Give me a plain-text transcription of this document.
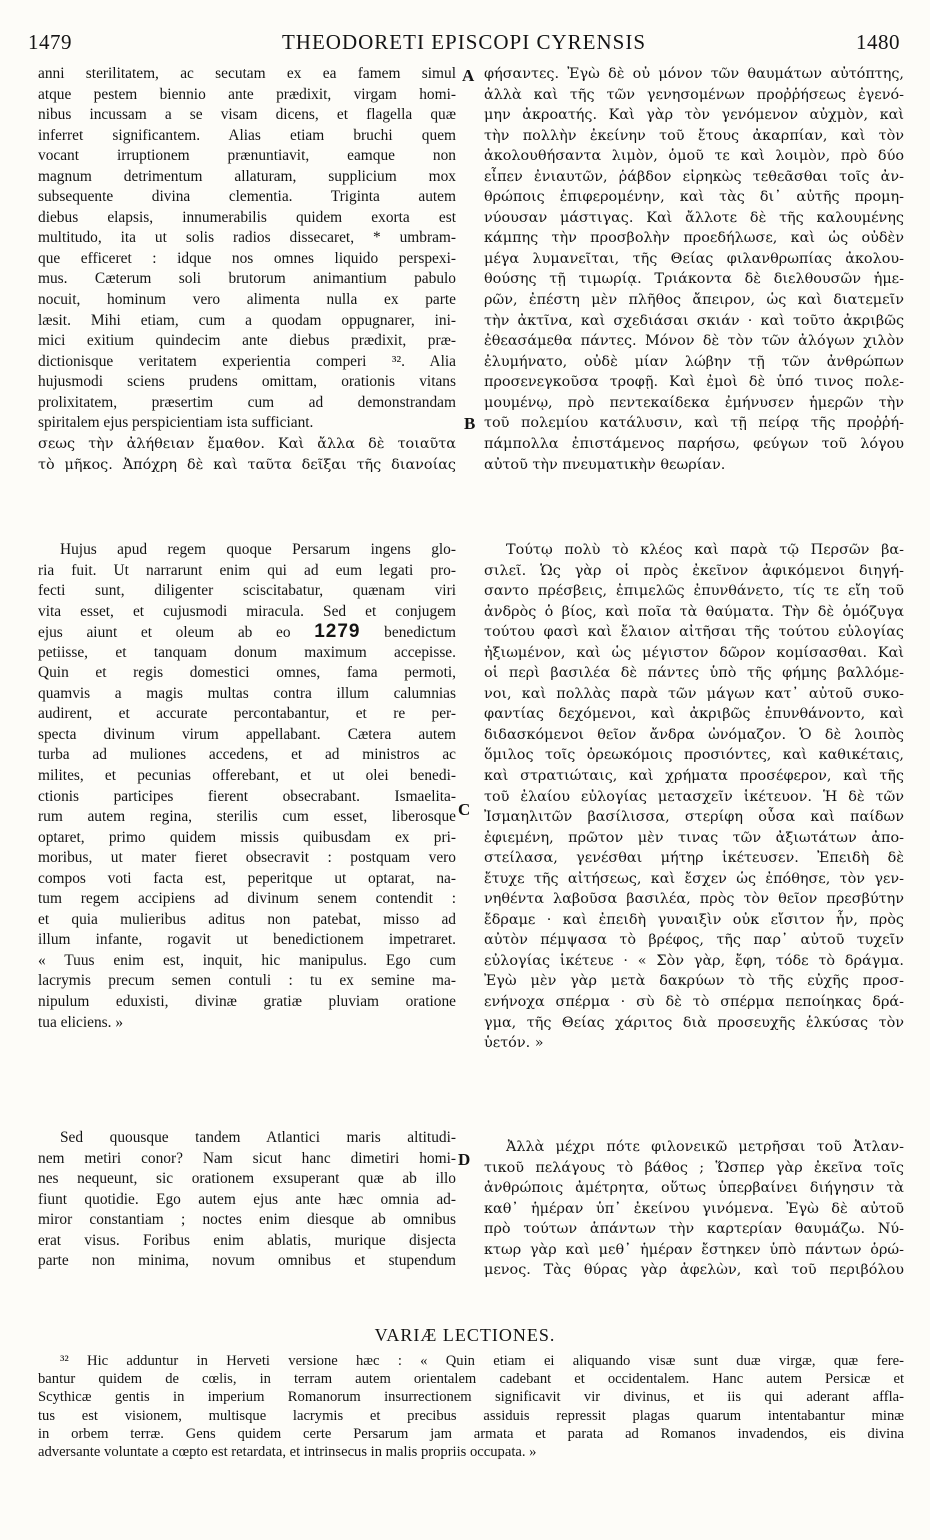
1479	THEODORETI EPISCOPI CYRENSIS	1480
A
B
C
D
anni sterilitatem, ac secutam ex ea famem simul
atque pestem biennio ante prædixit, virgam homi-
nibus incussam a se visam dicens, et flagella quæ
inferret significantem. Alias etiam bruchi quem
vocant irruptionem prænuntiavit, eamque non
magnum detrimentum allaturam, supplicium mox
subsequente divina clementia. Triginta autem
diebus elapsis, innumerabilis quidem exorta est
multitudo, ita ut solis radios dissecaret, * umbram-
que efficeret : idque nos omnes liquido perspexi-
mus. Cæterum soli brutorum animantium pabulo
nocuit, hominum vero alimenta nulla ex parte
læsit. Mihi etiam, cum a quodam oppugnarer, ini-
mici exitium quindecim ante diebus prædixit, præ-
dictionisque veritatem experientia comperi ³². Alia
hujusmodi sciens prudens omittam, orationis vitans
prolixitatem, præsertim cum ad demonstrandam
spiritalem ejus perspicientiam ista sufficiant.
φήσαντες. Ἐγὼ δὲ οὐ μόνον τῶν θαυμάτων αὐτόπτης,
ἀλλὰ καὶ τῆς τῶν γενησομένων προῤῥήσεως ἐγενό-
μην ἀκροατής. Καὶ γὰρ τὸν γενόμενον αὐχμὸν, καὶ
τὴν πολλὴν ἐκείνην τοῦ ἔτους ἀκαρπίαν, καὶ τὸν
ἀκολουθήσαντα λιμὸν, ὁμοῦ τε καὶ λοιμὸν, πρὸ δύο
εἶπεν ἐνιαυτῶν, ῥάβδον εἰρηκὼς τεθεᾶσθαι τοῖς ἀν-
θρώποις ἐπιφερομένην, καὶ τὰς δι᾽ αὐτῆς προμη-
νύουσαν μάστιγας. Καὶ ἄλλοτε δὲ τῆς καλουμένης
κάμπης τὴν προσβολὴν προεδήλωσε, καὶ ὡς οὐδὲν
μέγα λυμανεῖται, τῆς Θείας φιλανθρωπίας ἀκολου-
θούσης τῇ τιμωρίᾳ. Τριάκοντα δὲ διελθουσῶν ἡμε-
ρῶν, ἐπέστη μὲν πλῆθος ἄπειρον, ὡς καὶ διατεμεῖν
τὴν ἀκτῖνα, καὶ σχεδιάσαι σκιάν · καὶ τοῦτο ἀκριβῶς
ἐθεασάμεθα πάντες. Μόνον δὲ τὸν τῶν ἀλόγων χιλὸν
ἐλυμήνατο, οὐδὲ μίαν λώβην τῇ τῶν ἀνθρώπων
προσενεγκοῦσα τροφῇ. Καὶ ἐμοὶ δὲ ὑπό τινος πολε-
μουμένῳ, πρὸ πεντεκαίδεκα ἐμήνυσεν ἡμερῶν τὴν
τοῦ πολεμίου κατάλυσιν, καὶ τῇ πείρᾳ τῆς προῤῥή-
σεως τὴν ἀλήθειαν ἔμαθον. Καὶ ἄλλα δὲ τοιαῦτα
τὸ μῆκος. Ἀπόχρη δὲ καὶ ταῦτα δεῖξαι τῆς διανοίας
πάμπολλα ἐπιστάμενος παρήσω, φεύγων τοῦ λόγου
αὐτοῦ τὴν πνευματικὴν θεωρίαν.
Hujus apud regem quoque Persarum ingens glo-
ria fuit. Ut narrarunt enim qui ad eum legati pro-
fecti sunt, diligenter sciscitabatur, quænam viri
vita esset, et cujusmodi miracula. Sed et conjugem
ejus aiunt et oleum ab eo 1279 benedictum
petiisse, et tanquam donum maximum accepisse.
Quin et regis domestici omnes, fama permoti,
quamvis a magis multas contra illum calumnias
audirent, et accurate percontabantur, et re per-
specta divinum virum appellabant. Cætera autem
turba ad muliones accedens, et ad ministros ac
milites, et pecunias offerebant, et ut olei benedi-
ctionis participes fierent obsecrabant. Ismaelita-
rum autem regina, sterilis cum esset, liberosque
optaret, primo quidem missis quibusdam ex pri-
moribus, ut mater fieret obsecravit : postquam vero
compos voti facta est, peperitque ut optarat, na-
tum regem accipiens ad divinum senem contendit :
et quia mulieribus aditus non patebat, misso ad
illum infante, rogavit ut benedictionem impetraret.
« Tuus enim est, inquit, hic manipulus. Ego cum
lacrymis precum semen contuli : tu ex semine ma-
nipulum eduxisti, divinæ gratiæ pluviam oratione
tua eliciens. »
Τούτῳ πολὺ τὸ κλέος καὶ παρὰ τῷ Περσῶν βα-
σιλεῖ. Ὡς γὰρ οἱ πρὸς ἐκεῖνον ἀφικόμενοι διηγή-
σαντο πρέσβεις, ἐπιμελῶς ἐπυνθάνετο, τίς τε εἴη τοῦ
ἀνδρὸς ὁ βίος, καὶ ποῖα τὰ θαύματα. Τὴν δὲ ὁμόζυγα
τούτου φασὶ καὶ ἔλαιον αἰτῆσαι τῆς τούτου εὐλογίας
ἠξιωμένον, καὶ ὡς μέγιστον δῶρον κομίσασθαι. Καὶ
οἱ περὶ βασιλέα δὲ πάντες ὑπὸ τῆς φήμης βαλλόμε-
νοι, καὶ πολλὰς παρὰ τῶν μάγων κατ᾽ αὐτοῦ συκο-
φαντίας δεχόμενοι, καὶ ἀκριβῶς ἐπυνθάνοντο, καὶ
διδασκόμενοι θεῖον ἄνδρα ὠνόμαζον. Ὁ δὲ λοιπὸς
ὅμιλος τοῖς ὀρεωκόμοις προσιόντες, καὶ καθικέταις,
καὶ στρατιώταις, καὶ χρήματα προσέφερον, καὶ τῆς
τοῦ ἐλαίου εὐλογίας μετασχεῖν ἱκέτευον. Ἡ δὲ τῶν
Ἰσμαηλιτῶν βασίλισσα, στερίφη οὖσα καὶ παίδων
ἐφιεμένη, πρῶτον μὲν τινας τῶν ἀξιωτάτων ἀπο-
στείλασα, γενέσθαι μήτηρ ἱκέτευσεν. Ἐπειδὴ δὲ
ἔτυχε τῆς αἰτήσεως, καὶ ἔσχεν ὡς ἐπόθησε, τὸν γεν-
νηθέντα λαβοῦσα βασιλέα, πρὸς τὸν θεῖον πρεσβύτην
ἔδραμε · καὶ ἐπειδὴ γυναιξὶν οὐκ εἴσιτον ἦν, πρὸς
αὐτὸν πέμψασα τὸ βρέφος, τῆς παρ᾽ αὐτοῦ τυχεῖν
εὐλογίας ἱκέτευε · « Σὸν γὰρ, ἔφη, τόδε τὸ δράγμα.
Ἐγὼ μὲν γὰρ μετὰ δακρύων τὸ τῆς εὐχῆς προσ-
ενήνοχα σπέρμα · σὺ δὲ τὸ σπέρμα πεποίηκας δρά-
γμα, τῆς Θείας χάριτος διὰ προσευχῆς ἑλκύσας τὸν
ὑετόν. »
Sed quousque tandem Atlantici maris altitudi-
nem metiri conor? Nam sicut hanc dimetiri homi-
nes nequeunt, sic orationem exsuperant quæ ab illo
fiunt quotidie. Ego autem ejus ante hæc omnia ad-
miror constantiam ; noctes enim diesque ab omnibus
erat visus. Foribus enim ablatis, murique disjecta
parte non minima, novum omnibus et stupendum
Ἀλλὰ μέχρι πότε φιλονεικῶ μετρῆσαι τοῦ Ἀτλαν-
τικοῦ πελάγους τὸ βάθος ; Ὥσπερ γὰρ ἐκεῖνα τοῖς
ἀνθρώποις ἀμέτρητα, οὕτως ὑπερβαίνει διήγησιν τὰ
καθ᾽ ἡμέραν ὑπ᾽ ἐκείνου γινόμενα. Ἐγὼ δὲ αὐτοῦ
πρὸ τούτων ἁπάντων τὴν καρτερίαν θαυμάζω. Νύ-
κτωρ γὰρ καὶ μεθ᾽ ἡμέραν ἔστηκεν ὑπὸ πάντων ὁρώ-
μενος. Τὰς θύρας γὰρ ἀφελὼν, καὶ τοῦ περιβόλου
VARIÆ LECTIONES.
³² Hic adduntur in Herveti versione hæc : « Quin etiam ei aliquando visæ sunt duæ virgæ, quæ fere-
bantur quidem de cœlis, in terram autem orientalem cadebant et occidentalem. Hanc autem Persicæ et
Scythicæ gentis in imperium Romanorum insurrectionem significavit vir divinus, et iis qui aderant affla-
tus est visionem, multisque lacrymis et precibus assiduis repressit plagas quarum intentabantur minæ
in orbem terræ. Gens quidem certe Persarum jam armata et parata ad Romanos invadendos, eis divina
adversante voluntate a cœpto est retardata, et intrinsecus in malis propriis occupata. »
